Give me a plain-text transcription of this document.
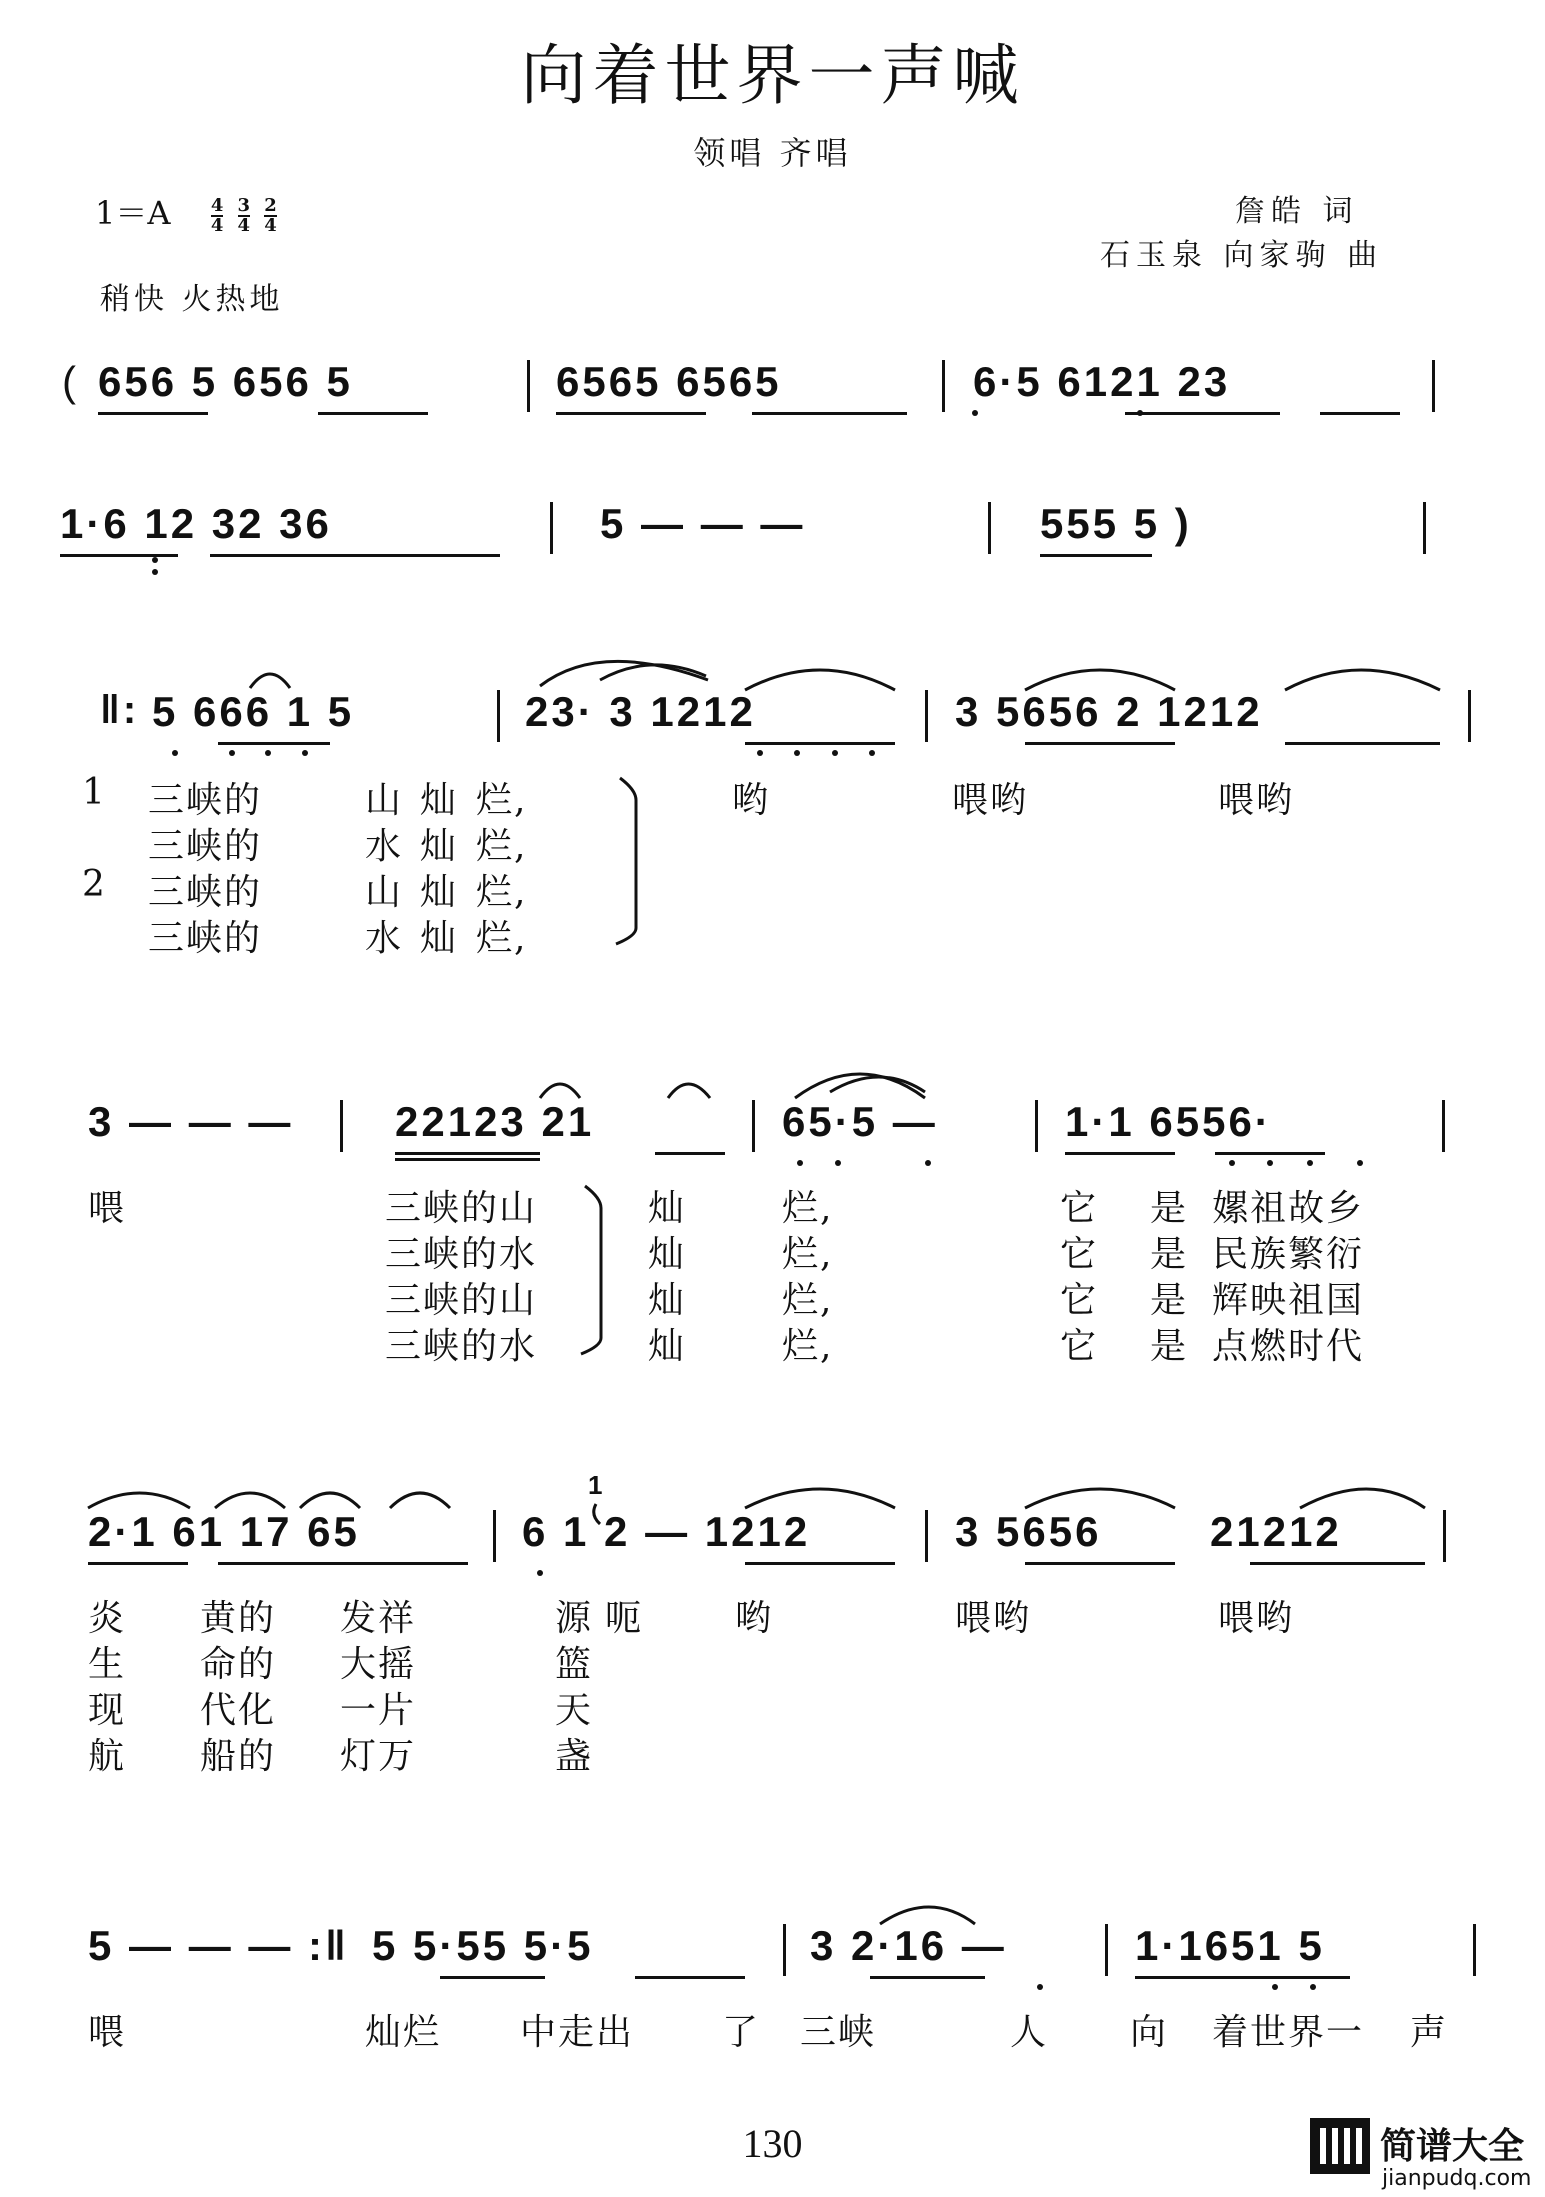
向着世界一声喊
领唱 齐唱
$1=A \frac{4}{4}$
$\frac{3}{4}$
$\frac{2}{4}$	詹皓 词
石玉泉 向家驹 曲
稍快 火热地
( 656 5 656 5	6565 6565	6·5 6121 23
1·6 12 32 36	5 — — —	555 5 )
‖: 5 666 1 5	23· 3 1212	3 5656 2 1212
1 三峡的	山 灿 烂,	哟	喂哟	喂哟
三峡的	水 灿 烂,
2 三峡的	山 灿 烂,
三峡的	水 灿 烂,
3 — — — 22123 21	65·5 —	1·1 6556·
喂	三峡的山	灿	烂,	它 是 嫘祖故乡
三峡的水	灿	烂,	它 是 民族繁衍
三峡的山	灿	烂,	它 是 辉映祖国
三峡的水	灿	烂,	它 是 点燃时代
2·1 61 17 65
1
6 1 2 — 1212	3 5656	21212
炎 黄的 发祥	源 呃	哟	喂哟	喂哟
生 命的 大摇	篮
现 代化 一片	天
航 船的 灯万	盏
5 — — — :‖ 5 5·55 5·5	3 2·16 —	1·1651 5
喂	灿烂 中走出 了 三峡	人 向 着世界一 声
130	简谱大全
jianpudq.com
